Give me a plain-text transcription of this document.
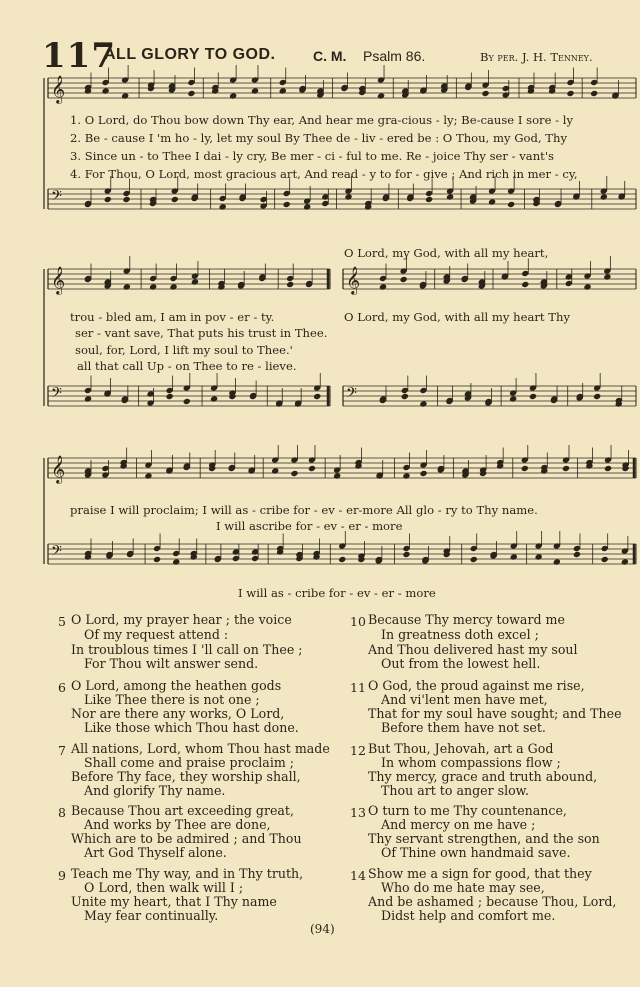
117
ALL GLORY TO GOD.	C. M. Psalm 86.	By per. J. H. Tenney.
𝄞
𝄢
𝄞	𝄞
𝄢	𝄢
𝄞
𝄢
1. O Lord, do Thou bow down Thy ear, And hear me gra-cious - ly; Be-cause I sore - ly
2. Be - cause I 'm ho - ly, let my soul By Thee de - liv - ered be : O Thou, my God, Thy
3. Since un - to Thee I dai - ly cry, Be mer - ci - ful to me. Re - joice Thy ser - vant's
4. For Thou, O Lord, most gracious art, And read - y to for - give ; And rich in mer - cy,
O Lord, my God, with all my heart,
trou - bled am, I am in pov - er - ty.
ser - vant save, That puts his trust in Thee.
soul, for, Lord, I lift my soul to Thee.'
all that call Up - on Thee to re - lieve.
O Lord, my God, with all my heart Thy
praise I will proclaim; I will as - cribe for - ev - er-more All glo - ry to Thy name.
I will ascribe for - ev - er - more
I will as - cribe for - ev - er - more
5 O Lord, my prayer hear ; the voice
Of my request attend :
In troublous times I 'll call on Thee ;
For Thou wilt answer send.
6 O Lord, among the heathen gods
Like Thee there is not one ;
Nor are there any works, O Lord,
Like those which Thou hast done.
7 All nations, Lord, whom Thou hast made
Shall come and praise proclaim ;
Before Thy face, they worship shall,
And glorify Thy name.
8 Because Thou art exceeding great,
And works by Thee are done,
Which are to be admired ; and Thou
Art God Thyself alone.
9 Teach me Thy way, and in Thy truth,
O Lord, then walk will I ;
Unite my heart, that I Thy name
May fear continually.
10 Because Thy mercy toward me
In greatness doth excel ;
And Thou delivered hast my soul
Out from the lowest hell.
11 O God, the proud against me rise,
And vi'lent men have met,
That for my soul have sought; and Thee
Before them have not set.
12 But Thou, Jehovah, art a God
In whom compassions flow ;
Thy mercy, grace and truth abound,
Thou art to anger slow.
13 O turn to me Thy countenance,
And mercy on me have ;
Thy servant strengthen, and the son
Of Thine own handmaid save.
14 Show me a sign for good, that they
Who do me hate may see,
And be ashamed ; because Thou, Lord,
Didst help and comfort me.
(94)
